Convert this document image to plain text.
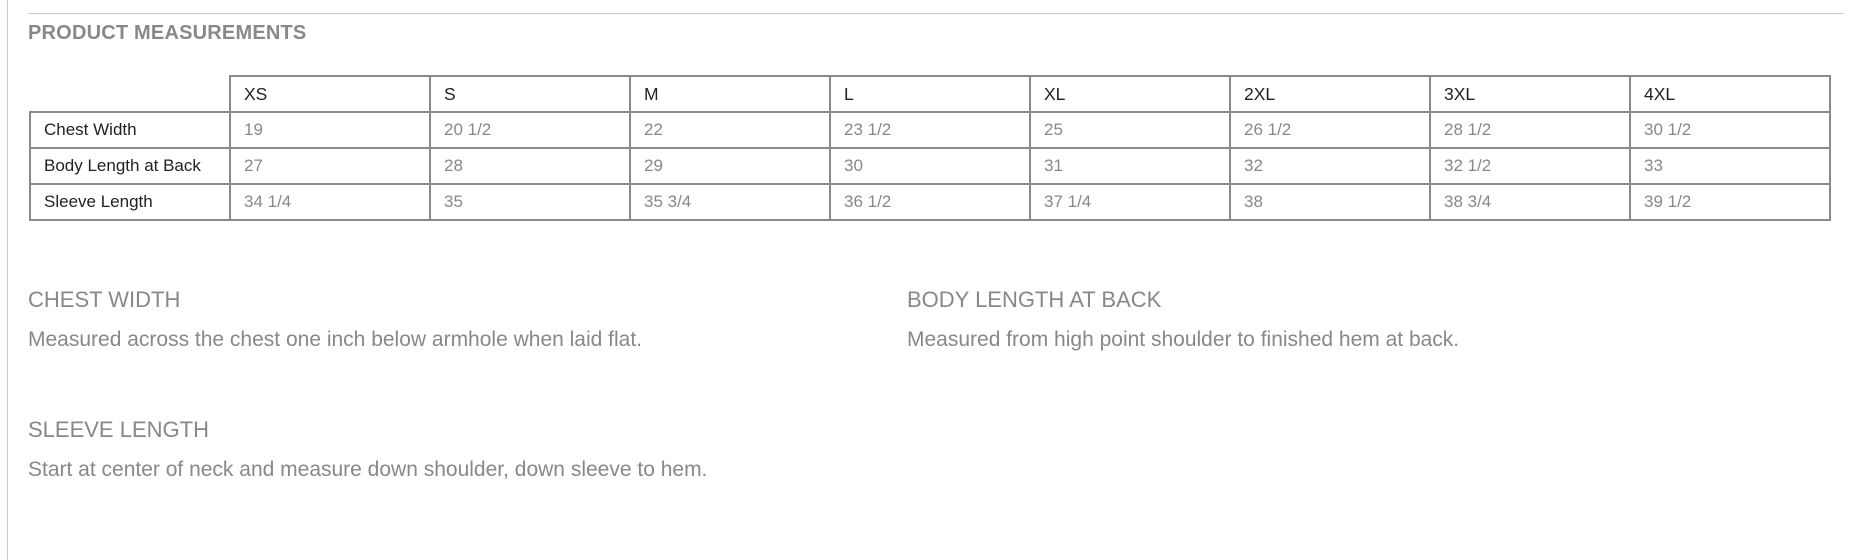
PRODUCT MEASUREMENTS
	XS	S	M	L	XL	2XL	3XL	4XL
Chest Width	19	20 1/2	22	23 1/2	25	26 1/2	28 1/2	30 1/2
Body Length at Back	27	28	29	30	31	32	32 1/2	33
Sleeve Length	34 1/4	35	35 3/4	36 1/2	37 1/4	38	38 3/4	39 1/2
CHEST WIDTH

Measured across the chest one inch below armhole when laid flat.

BODY LENGTH AT BACK

Measured from high point shoulder to finished hem at back.

SLEEVE LENGTH

Start at center of neck and measure down shoulder, down sleeve to hem.
